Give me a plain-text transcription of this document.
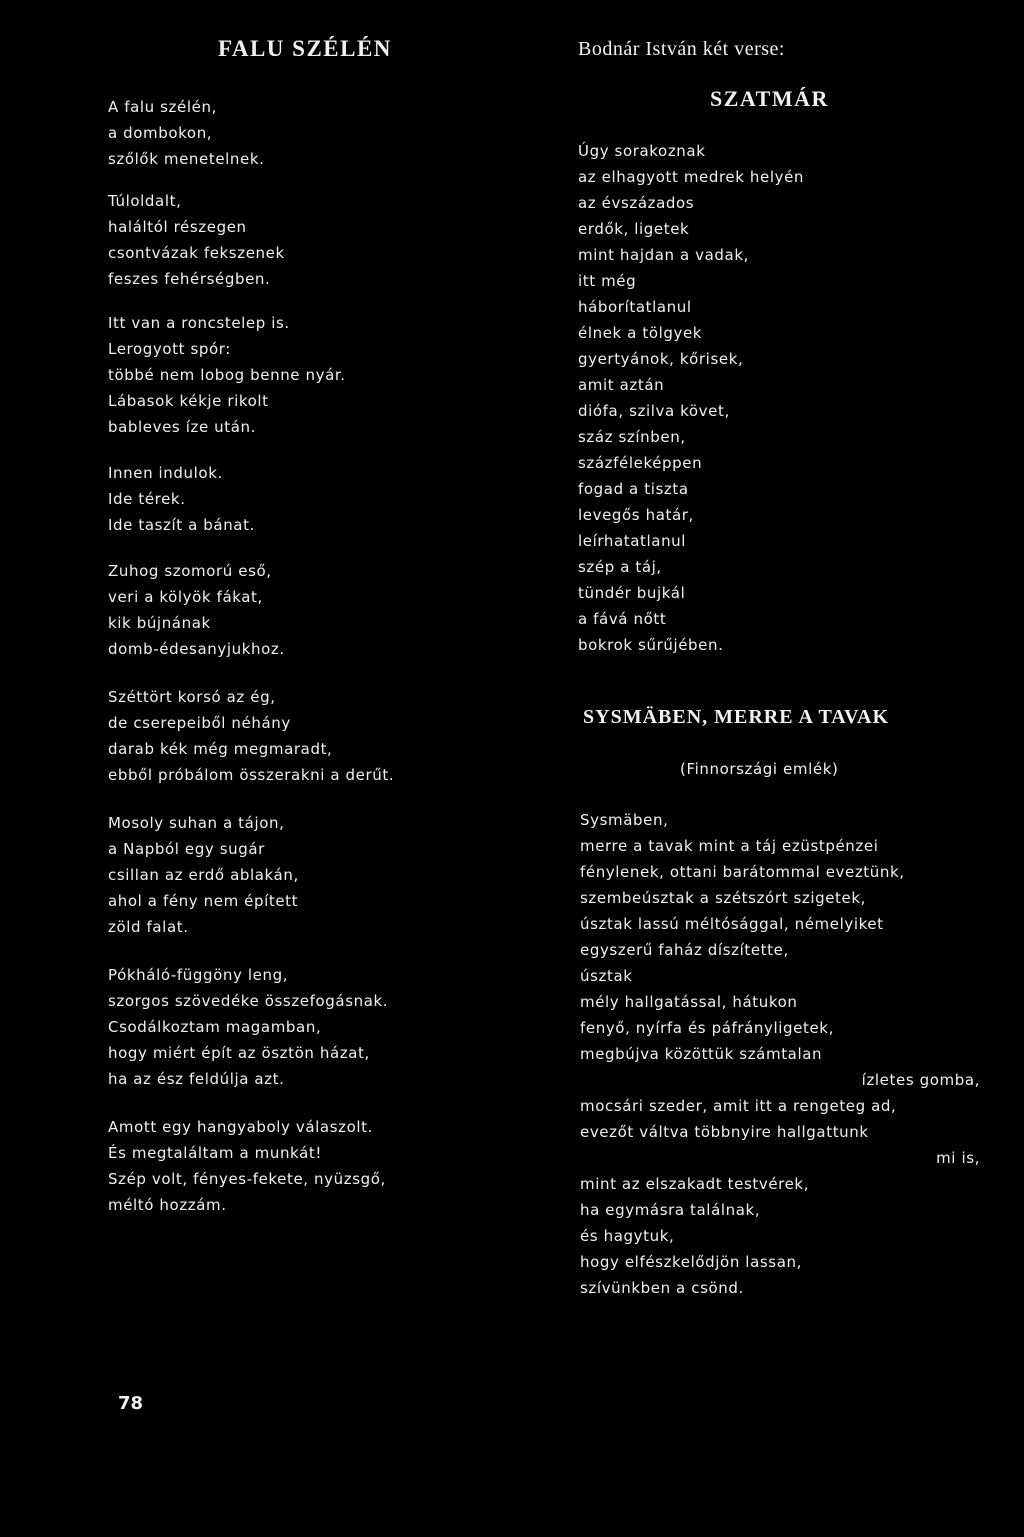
FALU SZÉLÉN	Bodnár István két verse:
SZATMÁR
SYSMÄBEN, MERRE A TAVAK
(Finnországi emlék)
A falu szélén,
a dombokon,
szőlők menetelnek.
Túloldalt,
haláltól részegen
csontvázak fekszenek
feszes fehérségben.
Itt van a roncstelep is.
Lerogyott spór:
többé nem lobog benne nyár.
Lábasok kékje rikolt
bableves íze után.
Innen indulok.
Ide térek.
Ide taszít a bánat.
Zuhog szomorú eső,
veri a kölyök fákat,
kik bújnának
domb-édesanyjukhoz.
Széttört korsó az ég,
de cserepeiből néhány
darab kék még megmaradt,
ebből próbálom összerakni a derűt.
Mosoly suhan a tájon,
a Napból egy sugár
csillan az erdő ablakán,
ahol a fény nem épített
zöld falat.
Pókháló-függöny leng,
szorgos szövedéke összefogásnak.
Csodálkoztam magamban,
hogy miért épít az ösztön házat,
ha az ész feldúlja azt.
Amott egy hangyaboly válaszolt.
És megtaláltam a munkát!
Szép volt, fényes-fekete, nyüzsgő,
méltó hozzám.
Úgy sorakoznak
az elhagyott medrek helyén
az évszázados
erdők, ligetek
mint hajdan a vadak,
itt még
háborítatlanul
élnek a tölgyek
gyertyánok, kőrisek,
amit aztán
diófa, szilva követ,
száz színben,
százféleképpen
fogad a tiszta
levegős határ,
leírhatatlanul
szép a táj,
tündér bujkál
a fává nőtt
bokrok sűrűjében.
Sysmäben,
merre a tavak mint a táj ezüstpénzei
fénylenek, ottani barátommal eveztünk,
szembeúsztak a szétszórt szigetek,
úsztak lassú méltósággal, némelyiket
egyszerű faház díszítette,
úsztak
mély hallgatással, hátukon
fenyő, nyírfa és páfrányligetek,
megbújva közöttük számtalan
ízletes gomba,
mocsári szeder, amit itt a rengeteg ad,
evezőt váltva többnyire hallgattunk
mi is,
mint az elszakadt testvérek,
ha egymásra találnak,
és hagytuk,
hogy elfészkelődjön lassan,
szívünkben a csönd.
78
